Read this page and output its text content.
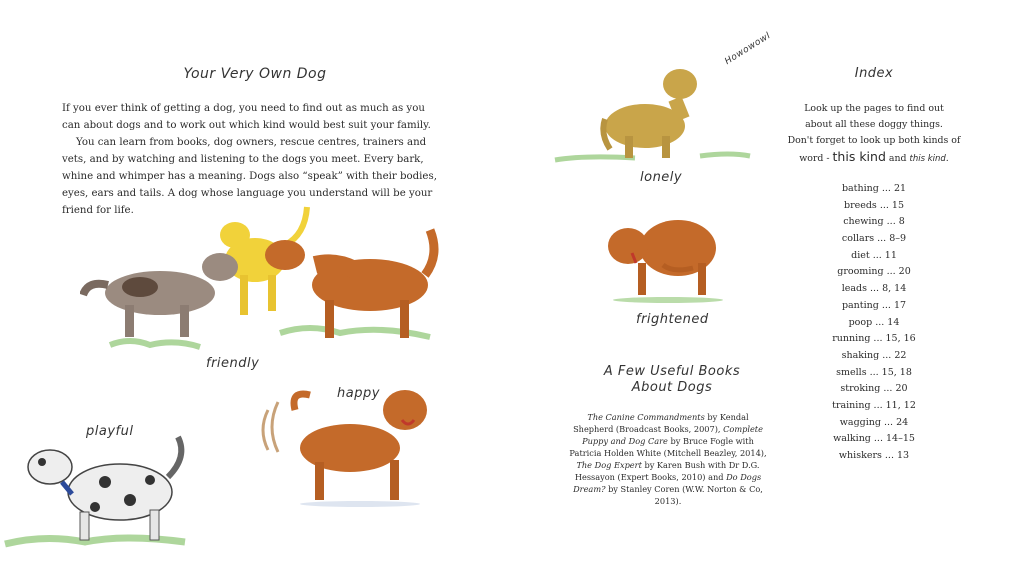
Your Very Own Dog

If you ever think of getting a dog, you need to find out as much as you can about dogs and to work out which kind would best suit your family.

You can learn from books, dog owners, rescue centres, trainers and vets, and by watching and listening to the dogs you meet. Every bark, whine and whimper has a meaning. Dogs also “speak” with their bodies, eyes, ears and tails. A dog whose language you understand will be your friend for life.

friendly
happy
playful
Howowowl
lonely
frightened
A Few Useful Books
About Dogs
The Canine Commandments by Kendal Shepherd (Broadcast Books, 2007), Complete Puppy and Dog Care by Bruce Fogle with Patricia Holden White (Mitchell Beazley, 2014), The Dog Expert by Karen Bush with Dr D.G. Hessayon (Expert Books, 2010) and Do Dogs Dream? by Stanley Coren (W.W. Norton & Co, 2013).
Index
Look up the pages to find out
about all these doggy things.
Don't forget to look up both kinds of
word - this kind and this kind.
bathing ... 21
breeds ... 15
chewing ... 8
collars ... 8–9
diet ... 11
grooming ... 20
leads ... 8, 14
panting ... 17
poop ... 14
running ... 15, 16
shaking ... 22
smells ... 15, 18
stroking ... 20
training ... 11, 12
wagging ... 24
walking ... 14–15
whiskers ... 13
